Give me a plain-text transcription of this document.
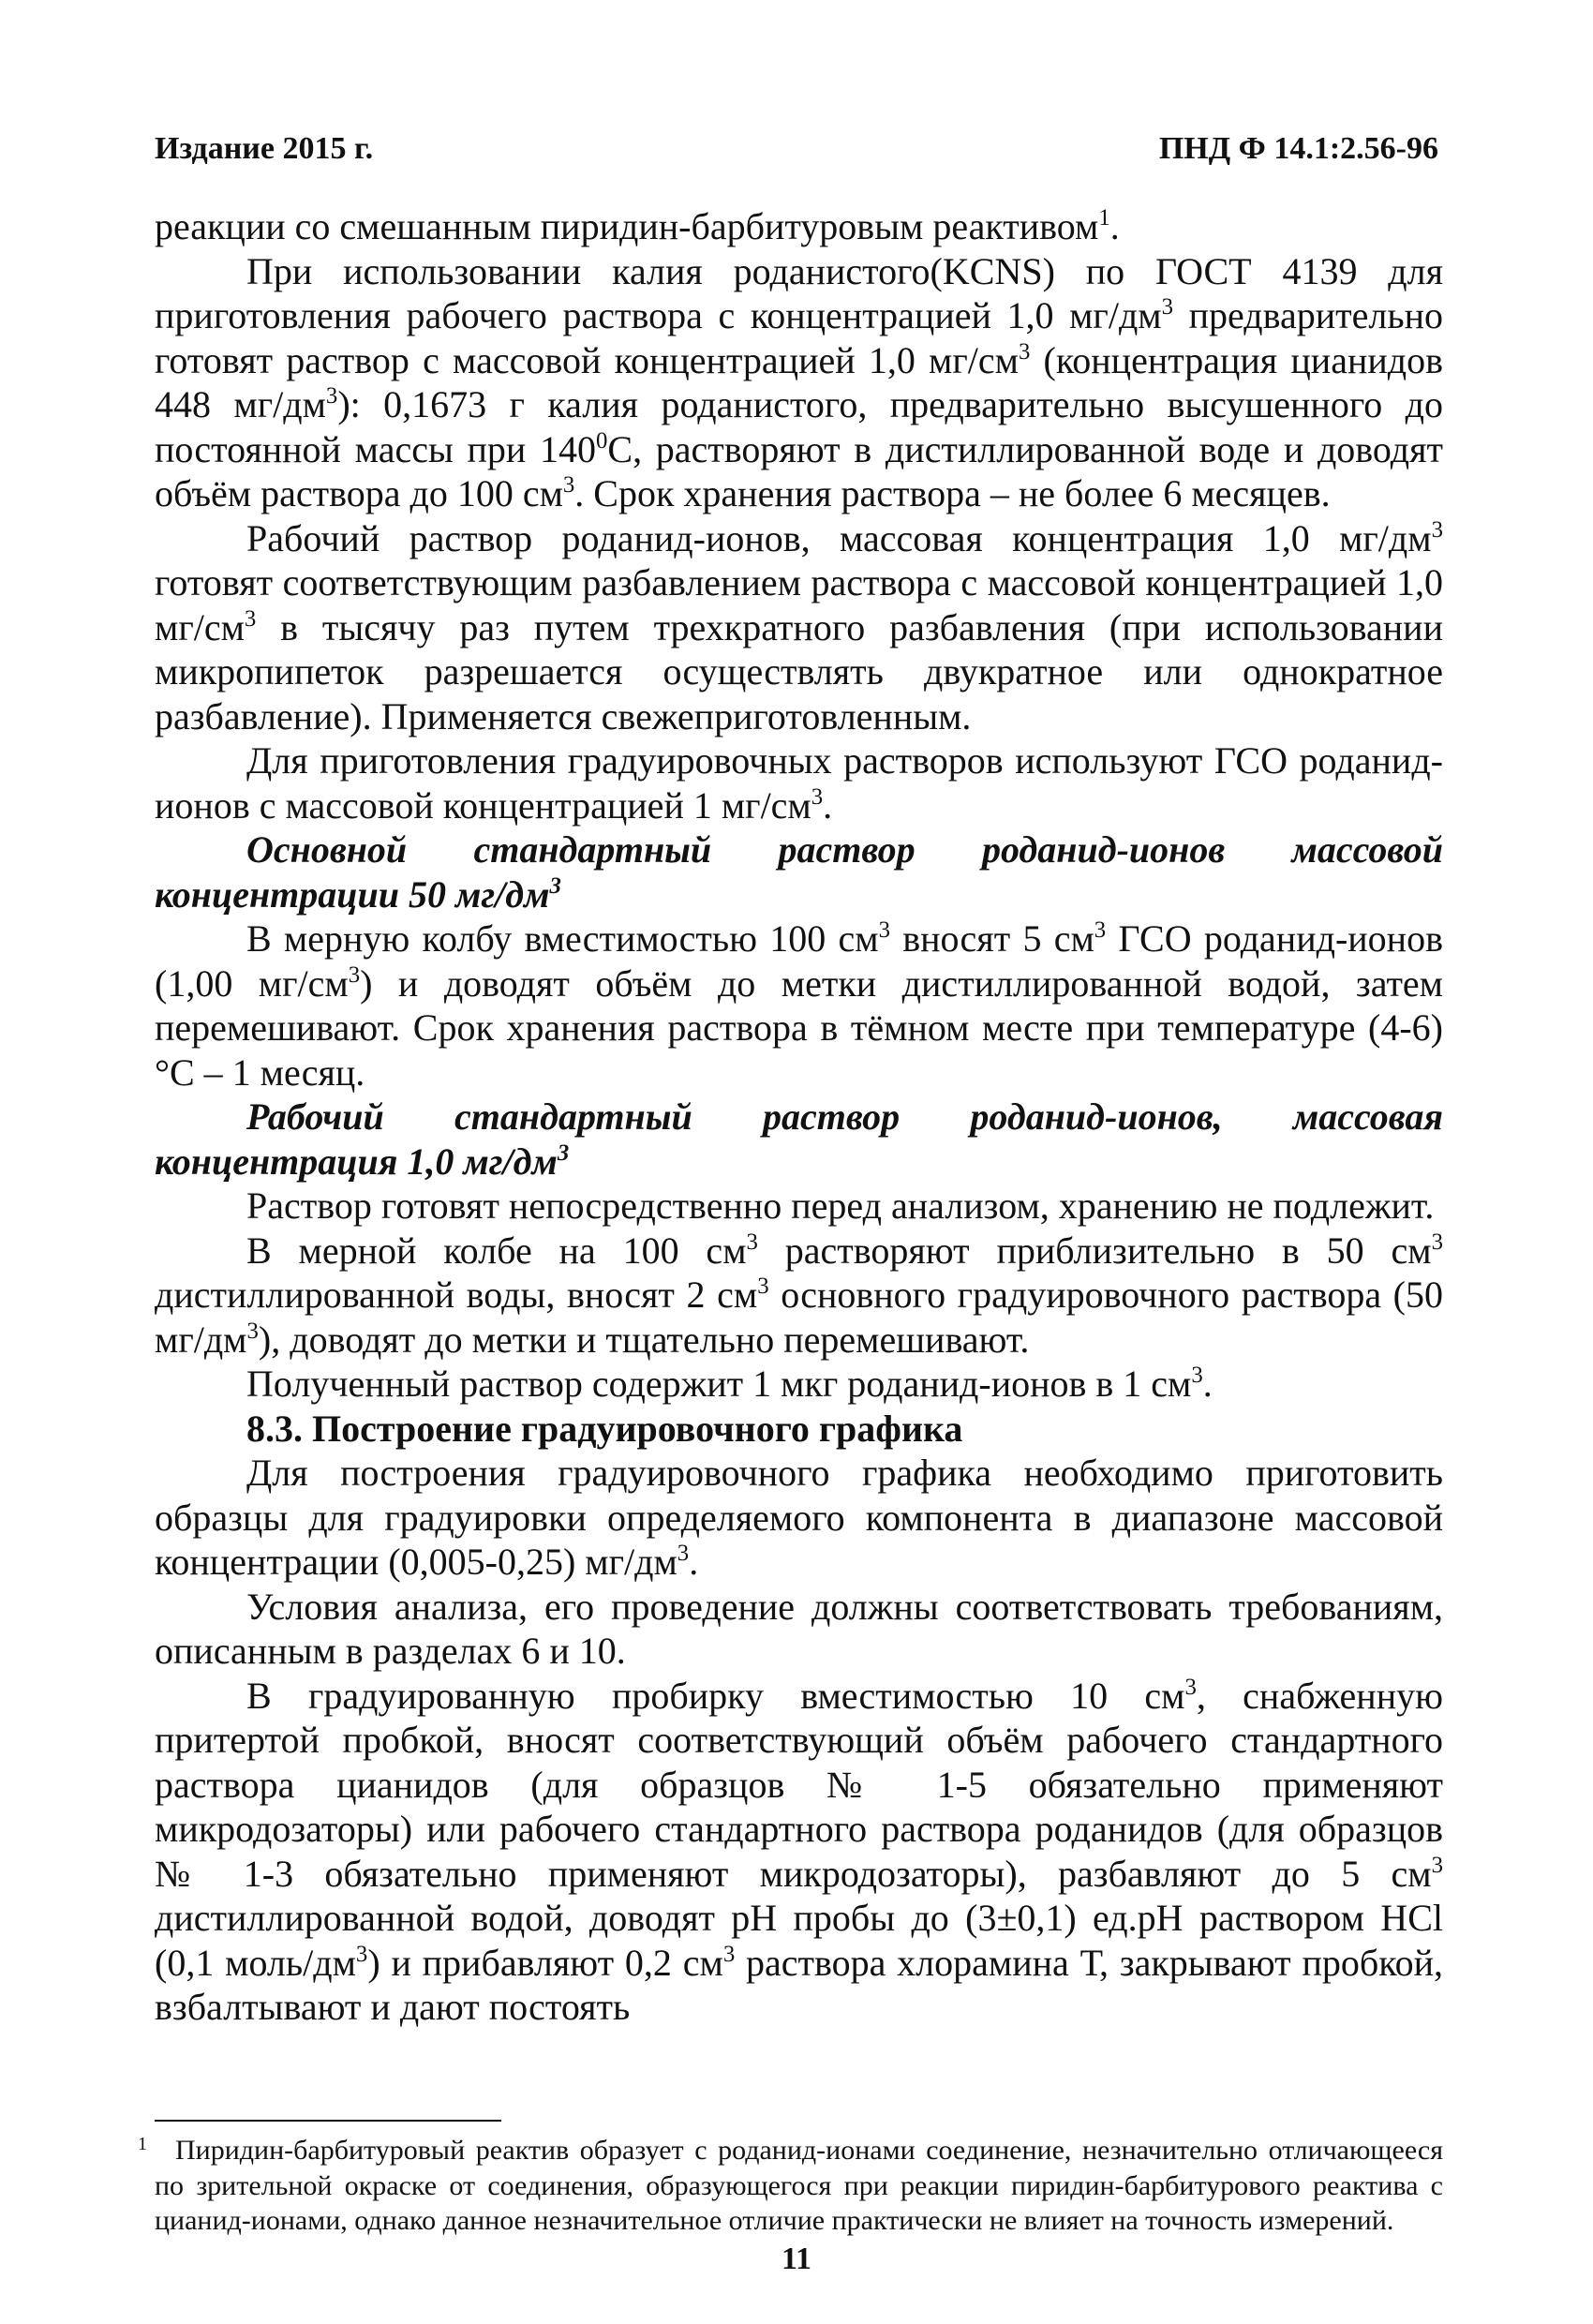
Издание 2015 г.	ПНД Ф 14.1:2.56-96

реакции со смешанным пиридин-барбитуровым реактивом$^1$.

При использовании калия роданистого(KCNS) по ГОСТ 4139 для приготовления рабочего раствора с концентрацией 1,0 $мг/дм^3$ предварительно готовят раствор с массовой концентрацией 1,0 $мг/см^3$ (концентрация цианидов 448 $мг/дм^3$): 0,1673 г калия роданистого, предварительно высушенного до постоянной массы при $140^0С$, растворяют в дистиллированной воде и доводят объём раствора до 100 $см^3$. Срок хранения раствора – не более 6 месяцев.

Рабочий раствор роданид-ионов, массовая концентрация 1,0 $мг/дм^3$ готовят соответствующим разбавлением раствора с массовой концентрацией 1,0 $мг/см^3$ в тысячу раз путем трехкратного разбавления (при использовании микропипеток разрешается осуществлять двукратное или однократное разбавление). Применяется свежеприготовленным.

Для приготовления градуировочных растворов используют ГСО роданид-ионов с массовой концентрацией 1 $мг/см^3$.

Основной стандартный раствор роданид-ионов массовой концентрации 50 $мг/дм^3$

В мерную колбу вместимостью 100 $см^3$ вносят 5 $см^3$ ГСО роданид-ионов (1,00 $мг/см^3$) и доводят объём до метки дистиллированной водой, затем перемешивают. Срок хранения раствора в тёмном месте при температуре (4-6) °С – 1 месяц.

Рабочий стандартный раствор роданид-ионов, массовая концентрация 1,0 $мг/дм^3$

Раствор готовят непосредственно перед анализом, хранению не подлежит.

В мерной колбе на 100 $см^3$ растворяют приблизительно в 50 $см^3$ дистиллированной воды, вносят 2 $см^3$ основного градуировочного раствора (50 $мг/дм^3$), доводят до метки и тщательно перемешивают.

Полученный раствор содержит 1 мкг роданид-ионов в 1 $см^3$.

8.3. Построение градуировочного графика

Для построения градуировочного графика необходимо приготовить образцы для градуировки определяемого компонента в диапазоне массовой концентрации (0,005-0,25) $мг/дм^3$.

Условия анализа, его проведение должны соответствовать требованиям, описанным в разделах 6 и 10.

В градуированную пробирку вместимостью 10 $см^3$, снабженную притертой пробкой, вносят соответствующий объём рабочего стандартного раствора цианидов (для образцов № 1-5 обязательно применяют микродозаторы) или рабочего стандартного раствора роданидов (для образцов № 1-3 обязательно применяют микродозаторы), разбавляют до 5 $см^3$ дистиллированной водой, доводят рН пробы до (3±0,1) ед.рН раствором НСl (0,1 моль/$дм^3$) и прибавляют 0,2 $см^3$ раствора хлорамина Т, закрывают пробкой, взбалтывают и дают постоять

1 Пиридин-барбитуровый реактив образует с роданид-ионами соединение, незначительно отличающееся по зрительной окраске от соединения, образующегося при реакции пиридин-барбитурового реактива с цианид-ионами, однако данное незначительное отличие практически не влияет на точность измерений.
11
